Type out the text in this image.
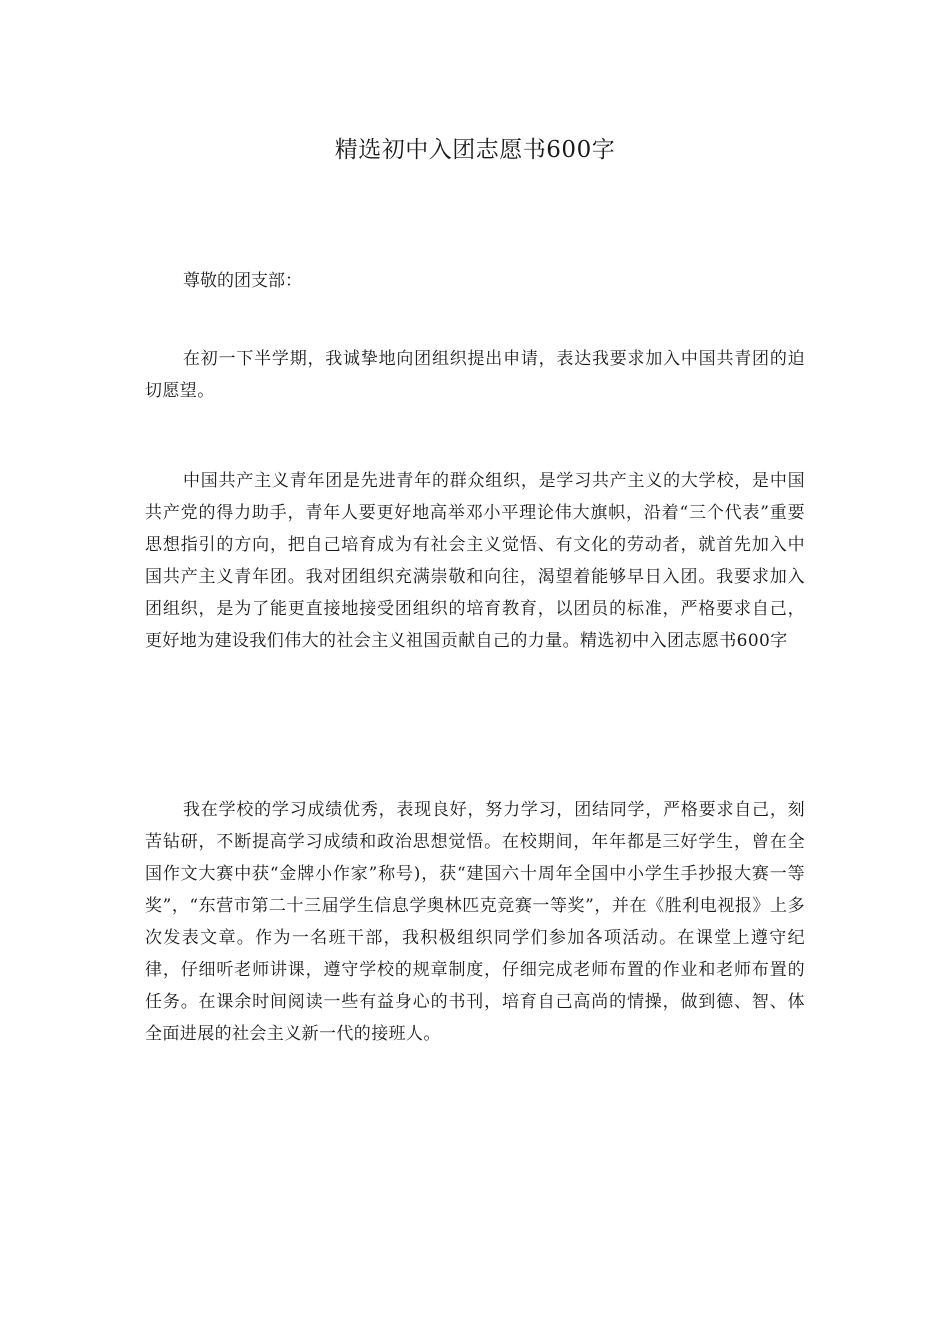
精选初中入团志愿书600字

尊敬的团支部：

在初一下半学期，我诚挚地向团组织提出申请，表达我要求加入中国共青团的迫切愿望。

中国共产主义青年团是先进青年的群众组织，是学习共产主义的大学校，是中国共产党的得力助手，青年人要更好地高举邓小平理论伟大旗帜，沿着“三个代表”重要思想指引的方向，把自己培育成为有社会主义觉悟、有文化的劳动者，就首先加入中国共产主义青年团。我对团组织充满崇敬和向往，渴望着能够早日入团。我要求加入团组织，是为了能更直接地接受团组织的培育教育，以团员的标准，严格要求自己，更好地为建设我们伟大的社会主义祖国贡献自己的力量。精选初中入团志愿书600字

我在学校的学习成绩优秀，表现良好，努力学习，团结同学，严格要求自己，刻苦钻研，不断提高学习成绩和政治思想觉悟。在校期间，年年都是三好学生，曾在全国作文大赛中获“金牌小作家”称号)，获“建国六十周年全国中小学生手抄报大赛一等奖”，“东营市第二十三届学生信息学奥林匹克竞赛一等奖”，并在《胜利电视报》上多次发表文章。作为一名班干部，我积极组织同学们参加各项活动。在课堂上遵守纪律，仔细听老师讲课，遵守学校的规章制度，仔细完成老师布置的作业和老师布置的任务。在课余时间阅读一些有益身心的书刊，培育自己高尚的情操，做到德、智、体全面进展的社会主义新一代的接班人。
